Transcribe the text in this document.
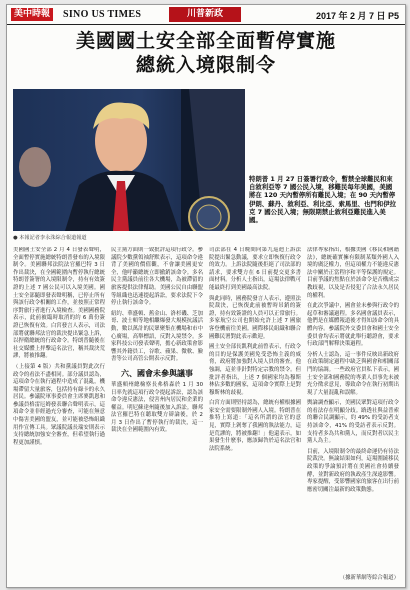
美中時報	SINO US TIMES	川普新政	2017 年 2 月 7 日 P5
美國國土安全部全面暫停實施
總統入境限制令
特朗普 1 月 27 日簽署行政令，暫禁全球難民和來自敘利亞等 7 國公民入境，移難民每年美國，美國將在 120 天內暫停所有難民入境；在 90 天內暫停伊朗、蘇丹、敘利亞、利比亞、索馬里、也門和伊拉克 7 國公民入境；無限期禁止敘利亞難民進入美國。
● 本報記者李永洙綜合報道報道
美國國土安全部 2 月 4 日發表聲明，全面暫停實施總統特朗普發布的入境限制令。美國聯邦法院法官羅巴特 3 日作出裁決，在全國範圍內暫停執行總統特朗普簽署的入境限制令，持有有效簽證的上述 7 國公民可以入境美國。國土安全部隨即發表聲明稱，已停止所有與該行政令相關的工作，並按照正常程序對旅行者進行入境檢查。美國國務院表示，此前被臨時取消的約 6 萬份簽證已恢復有效。白宮發言人表示，司法部將就聯邦法官的裁決提出緊急上訴，以捍衛總統的行政命令。特朗普隨後在社交媒體上抨擊這名法官，稱其裁決荒謬，將被推翻。
（上接第 4 版）共和黨議員對此次行政令的看法不盡相同。部分議員認為，這項命令在執行過程中造成了混亂，機場滯留大量旅客，包括持有綠卡的永久居民。參議院軍事委員會主席麥凱恩和參議員格雷厄姆發表聯合聲明表示，這項命令並非經過充分審查，可能在無意中傷害美國的盟友，並可能被恐怖組織用作宣傳工具。眾議院議長瑞安則表示支持總統加強安全審查，但希望執行過程更加謹慎。
民主黨方面則一致批評這項行政令。參議院少數黨領袖舒默表示，這項命令違背了美國的價值觀，不會讓美國更安全，他呼籲總統立即撤銷該命令。多名民主黨議員前往各大機場，為被滯留的旅客提供法律幫助。美國公民自由聯盟等組織也迅速提起訴訟，要求法院下令停止執行該命令。
紐約、華盛頓、舊金山、洛杉磯、芝加哥、波士頓等地相繼爆發大規模抗議活動，數以萬計的民眾聚集在機場和市中心廣場，高舉標語，反對入境禁令。多家科技公司發表聲明，擔心新政策會影響其外籍員工，谷歌、蘋果、微軟、臉書等公司高管公開表示反對。
六、國會未參與議事
華盛頓州總檢察長弗格森於 1 月 30 日率先就這項行政令提起訴訟，認為該命令違反憲法，侵害州內居民和企業的權益。明尼蘇達州隨後加入訴訟。聯邦法官羅巴特在聽取雙方辯論後，於 2 月 3 日作出了暫停執行的裁決，這一裁決在全國範圍內有效。
司法部在 4 日晚間向第九巡迴上訴法院提出緊急動議，要求立即恢復行政令的效力。上訴法院隨後拒絕了司法部的請求，要求雙方在 6 日前提交更多書面材料。分析人士指出，這場法律戰可能最終打到美國最高法院。
與此同時，國務院發言人表示，遵照法院裁決，已恢復此前被暫時吊銷的簽證，持有效簽證的人員可以正常旅行。多家航空公司也開始允許上述 7 國旅客登機前往美國。國際移民組織和聯合國難民署對此表示歡迎。
國土安全部長凱利此前曾表示，行政令的目的是保護美國免受恐怖主義的威脅，政府將加強對入境人員的審查。他強調，這並非針對特定宗教的禁令。但批評者指出，上述 7 個國家均為穆斯林佔多數的國家，這項命令實際上是對穆斯林的歧視。
白宮方面則堅持認為，總統有權根據國家安全需要限制外國人入境。特朗普在推特上寫道：「這名所謂的法官的意見，實際上剝奪了我國的執法能力，這是荒謬的，將被推翻！」他還表示，如果發生什麼事，應該歸咎於這名法官和法院系統。
法律專家指出，根據美國《移民和國籍法》，總統確實擁有限制某類外國人入境的廣泛權力，但這項權力不能違反憲法中關於正當程序和平等保護的規定。目前爭議的焦點在於該命令是否構成宗教歧視，以及是否侵犯了合法永久居民的權利。
在此次爭議中，國會並未參與行政令的起草和審議過程。多名國會議員表示，他們是在媒體報道後才得知該命令的具體內容。參議院外交委員會和國土安全委員會均表示將就此舉行聽證會，要求行政部門解釋決策過程。
分析人士認為，這一事件反映出新政府在政策制定過程中缺乏與國會和相關部門的協調。一些政府官員私下表示，國土安全部和國務院的專業人員事先未被充分徵求意見，導致命令在執行初期出現了大量混亂和誤解。
輿論調查顯示，美國民眾對這項行政令的看法存在明顯分歧。路透社與益普索的聯合民調顯示，約 49% 的受訪者支持該命令，41% 的受訪者表示反對。支持者多為共和黨人，而反對者以民主黨人為主。
目前，入境限制令的最終命運仍有待法院裁決。無論結果如何，這場圍繞移民政策的爭論預計將在美國社會持續發酵，並對新政府的執政產生深遠影響。專家提醒，受影響國家的旅客在出行前應密切關注最新的政策動態。
（據新華網等綜合報道）
